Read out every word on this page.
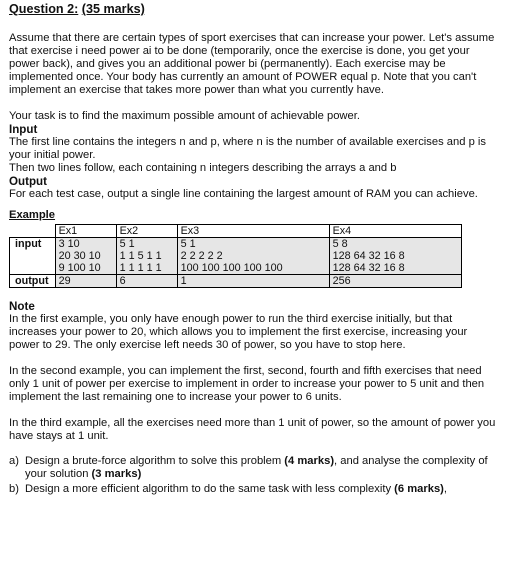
Question 2: (35 marks)

Assume that there are certain types of sport exercises that can increase your power. Let's assume that exercise i need power ai to be done (temporarily, once the exercise is done, you get your power back), and gives you an additional power bi (permanently). Each exercise may be implemented once. Your body has currently an amount of POWER equal p. Note that you can't implement an exercise that takes more power than what you currently have.

Your task is to find the maximum possible amount of achievable power.

Input

The first line contains the integers n and p, where n is the number of available exercises and p is your initial power.

Then two lines follow, each containing n integers describing the arrays a and b

Output

For each test case, output a single line containing the largest amount of RAM you can achieve.

Example
	Ex1	Ex2	Ex3	Ex4
input	3 10	5 1	5 1	5 8
	20 30 10	1 1 5 1 1	2 2 2 2 2	128 64 32 16 8
	9 100 10	1 1 1 1 1	100 100 100 100 100	128 64 32 16 8
output	29	6	1	256
Note

In the first example, you only have enough power to run the third exercise initially, but that increases your power to 20, which allows you to implement the first exercise, increasing your power to 29. The only exercise left needs 30 of power, so you have to stop here.

In the second example, you can implement the first, second, fourth and fifth exercises that need only 1 unit of power per exercise to implement in order to increase your power to 5 unit and then implement the last remaining one to increase your power to 6 units.

In the third example, all the exercises need more than 1 unit of power, so the amount of power you have stays at 1 unit.

a) Design a brute-force algorithm to solve this problem (4 marks), and analyse the complexity of your solution (3 marks)
b) Design a more efficient algorithm to do the same task with less complexity (6 marks),
